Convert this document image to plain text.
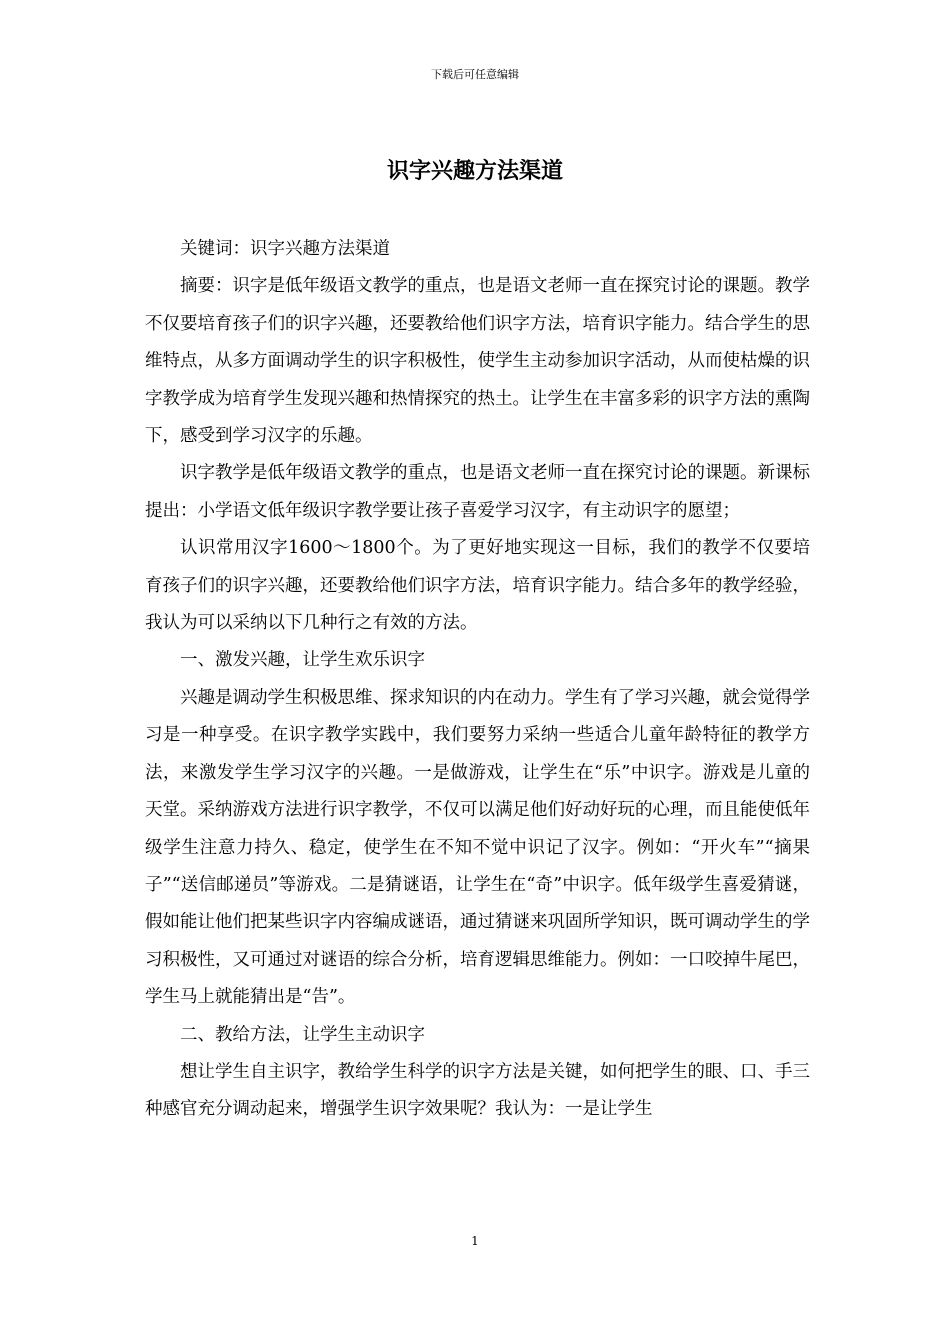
下载后可任意编辑
识字兴趣方法渠道

关键词：识字兴趣方法渠道

摘要：识字是低年级语文教学的重点，也是语文老师一直在探究讨论的课题。教学不仅要培育孩子们的识字兴趣，还要教给他们识字方法，培育识字能力。结合学生的思维特点，从多方面调动学生的识字积极性，使学生主动参加识字活动，从而使枯燥的识字教学成为培育学生发现兴趣和热情探究的热土。让学生在丰富多彩的识字方法的熏陶下，感受到学习汉字的乐趣。

识字教学是低年级语文教学的重点，也是语文老师一直在探究讨论的课题。新课标提出：小学语文低年级识字教学要让孩子喜爱学习汉字，有主动识字的愿望；

认识常用汉字1600～1800个。为了更好地实现这一目标，我们的教学不仅要培育孩子们的识字兴趣，还要教给他们识字方法，培育识字能力。结合多年的教学经验，我认为可以采纳以下几种行之有效的方法。

一、激发兴趣，让学生欢乐识字

兴趣是调动学生积极思维、探求知识的内在动力。学生有了学习兴趣，就会觉得学习是一种享受。在识字教学实践中，我们要努力采纳一些适合儿童年龄特征的教学方法，来激发学生学习汉字的兴趣。一是做游戏，让学生在“乐”中识字。游戏是儿童的天堂。采纳游戏方法进行识字教学，不仅可以满足他们好动好玩的心理，而且能使低年级学生注意力持久、稳定，使学生在不知不觉中识记了汉字。例如：“开火车”“摘果子”“送信邮递员”等游戏。二是猜谜语，让学生在“奇”中识字。低年级学生喜爱猜谜，假如能让他们把某些识字内容编成谜语，通过猜谜来巩固所学知识，既可调动学生的学习积极性，又可通过对谜语的综合分析，培育逻辑思维能力。例如：一口咬掉牛尾巴，学生马上就能猜出是“告”。

二、教给方法，让学生主动识字

想让学生自主识字，教给学生科学的识字方法是关键，如何把学生的眼、口、手三种感官充分调动起来，增强学生识字效果呢？我认为：一是让学生

1
